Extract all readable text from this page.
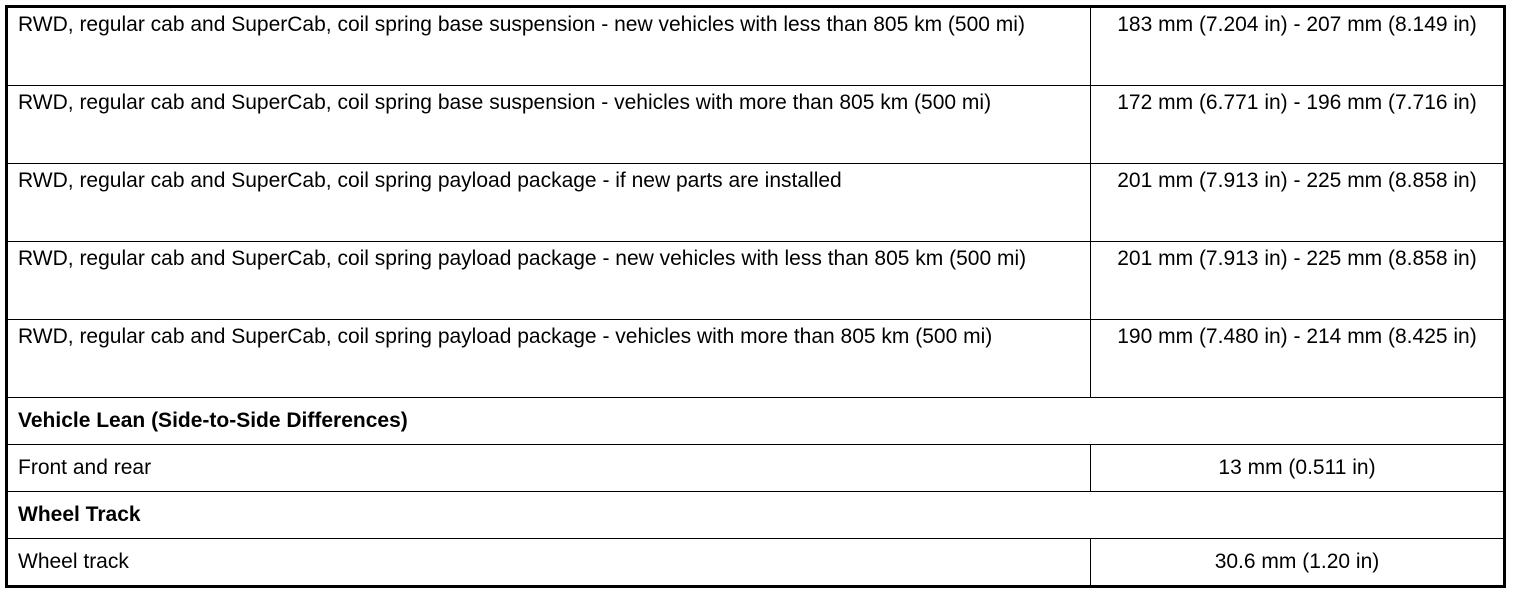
RWD, regular cab and SuperCab, coil spring base suspension - new vehicles with less than 805 km (500 mi)	183 mm (7.204 in) - 207 mm (8.149 in)
RWD, regular cab and SuperCab, coil spring base suspension - vehicles with more than 805 km (500 mi)	172 mm (6.771 in) - 196 mm (7.716 in)
RWD, regular cab and SuperCab, coil spring payload package - if new parts are installed	201 mm (7.913 in) - 225 mm (8.858 in)
RWD, regular cab and SuperCab, coil spring payload package - new vehicles with less than 805 km (500 mi)	201 mm (7.913 in) - 225 mm (8.858 in)
RWD, regular cab and SuperCab, coil spring payload package - vehicles with more than 805 km (500 mi)	190 mm (7.480 in) - 214 mm (8.425 in)
Vehicle Lean (Side-to-Side Differences)	
Front and rear	13 mm (0.511 in)
Wheel Track	
Wheel track	30.6 mm (1.20 in)
